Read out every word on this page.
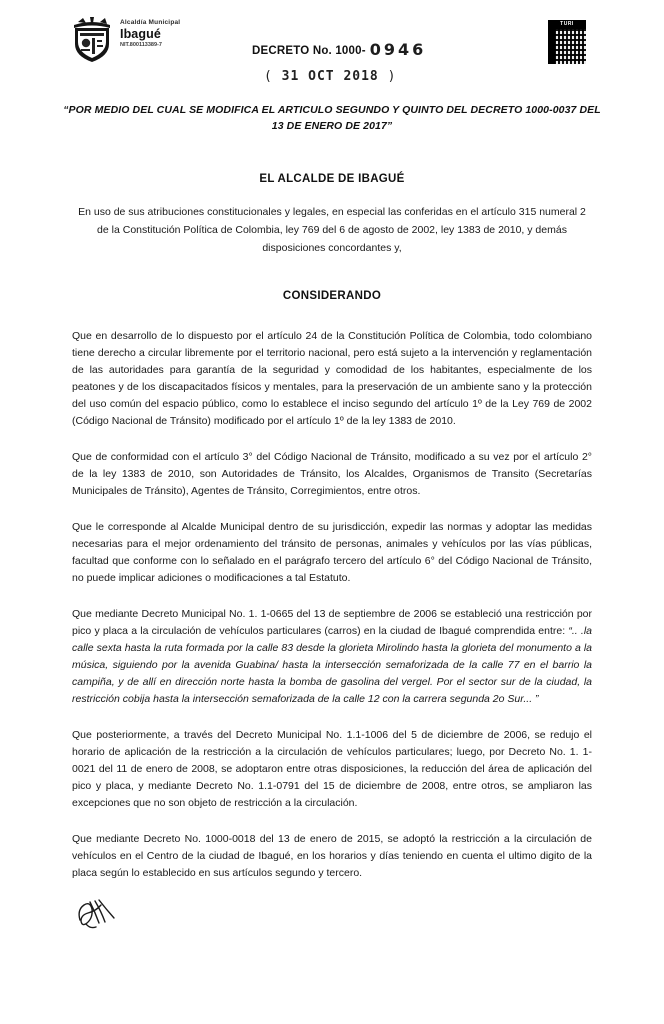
Alcaldía Municipal
Ibagué
NIT.800113389-7
DECRETO No. 1000- 0946
( 31 OCT 2018 )
TURI
“POR MEDIO DEL CUAL SE MODIFICA EL ARTICULO SEGUNDO Y QUINTO DEL DECRETO 1000-0037 DEL 13 DE ENERO DE 2017”
EL ALCALDE DE IBAGUÉ
En uso de sus atribuciones constitucionales y legales, en especial las conferidas en el artículo 315 numeral 2 de la Constitución Política de Colombia, ley 769 del 6 de agosto de 2002, ley 1383 de 2010, y demás disposiciones concordantes y,
CONSIDERANDO

Que en desarrollo de lo dispuesto por el artículo 24 de la Constitución Política de Colombia, todo colombiano tiene derecho a circular libremente por el territorio nacional, pero está sujeto a la intervención y reglamentación de las autoridades para garantía de la seguridad y comodidad de los habitantes, especialmente de los peatones y de los discapacitados físicos y mentales, para la preservación de un ambiente sano y la protección del uso común del espacio público, como lo establece el inciso segundo del artículo 1º de la Ley 769 de 2002 (Código Nacional de Tránsito) modificado por el artículo 1º de la ley 1383 de 2010.

Que de conformidad con el artículo 3° del Código Nacional de Tránsito, modificado a su vez por el artículo 2° de la ley 1383 de 2010, son Autoridades de Tránsito, los Alcaldes, Organismos de Transito (Secretarías Municipales de Tránsito), Agentes de Tránsito, Corregimientos, entre otros.

Que le corresponde al Alcalde Municipal dentro de su jurisdicción, expedir las normas y adoptar las medidas necesarias para el mejor ordenamiento del tránsito de personas, animales y vehículos por las vías públicas, facultad que conforme con lo señalado en el parágrafo tercero del artículo 6° del Código Nacional de Tránsito, no puede implicar adiciones o modificaciones a tal Estatuto.

Que mediante Decreto Municipal No. 1. 1-0665 del 13 de septiembre de 2006 se estableció una restricción por pico y placa a la circulación de vehículos particulares (carros) en la ciudad de Ibagué comprendida entre: “.. .la calle sexta hasta la ruta formada por la calle 83 desde la glorieta Mirolindo hasta la glorieta del monumento a la música, siguiendo por la avenida Guabina/ hasta la intersección semaforizada de la calle 77 en el barrio la campiña, y de allí en dirección norte hasta la bomba de gasolina del vergel. Por el sector sur de la ciudad, la restricción cobija hasta la intersección semaforizada de la calle 12 con la carrera segunda 2o Sur... ”

Que posteriormente, a través del Decreto Municipal No. 1.1-1006 del 5 de diciembre de 2006, se redujo el horario de aplicación de la restricción a la circulación de vehículos particulares; luego, por Decreto No. 1. 1-0021 del 11 de enero de 2008, se adoptaron entre otras disposiciones, la reducción del área de aplicación del pico y placa, y mediante Decreto No. 1.1-0791 del 15 de diciembre de 2008, entre otros, se ampliaron las excepciones que no son objeto de restricción a la circulación.

Que mediante Decreto No. 1000-0018 del 13 de enero de 2015, se adoptó la restricción a la circulación de vehículos en el Centro de la ciudad de Ibagué, en los horarios y días teniendo en cuenta el ultimo digito de la placa según lo establecido en sus artículos segundo y tercero.
